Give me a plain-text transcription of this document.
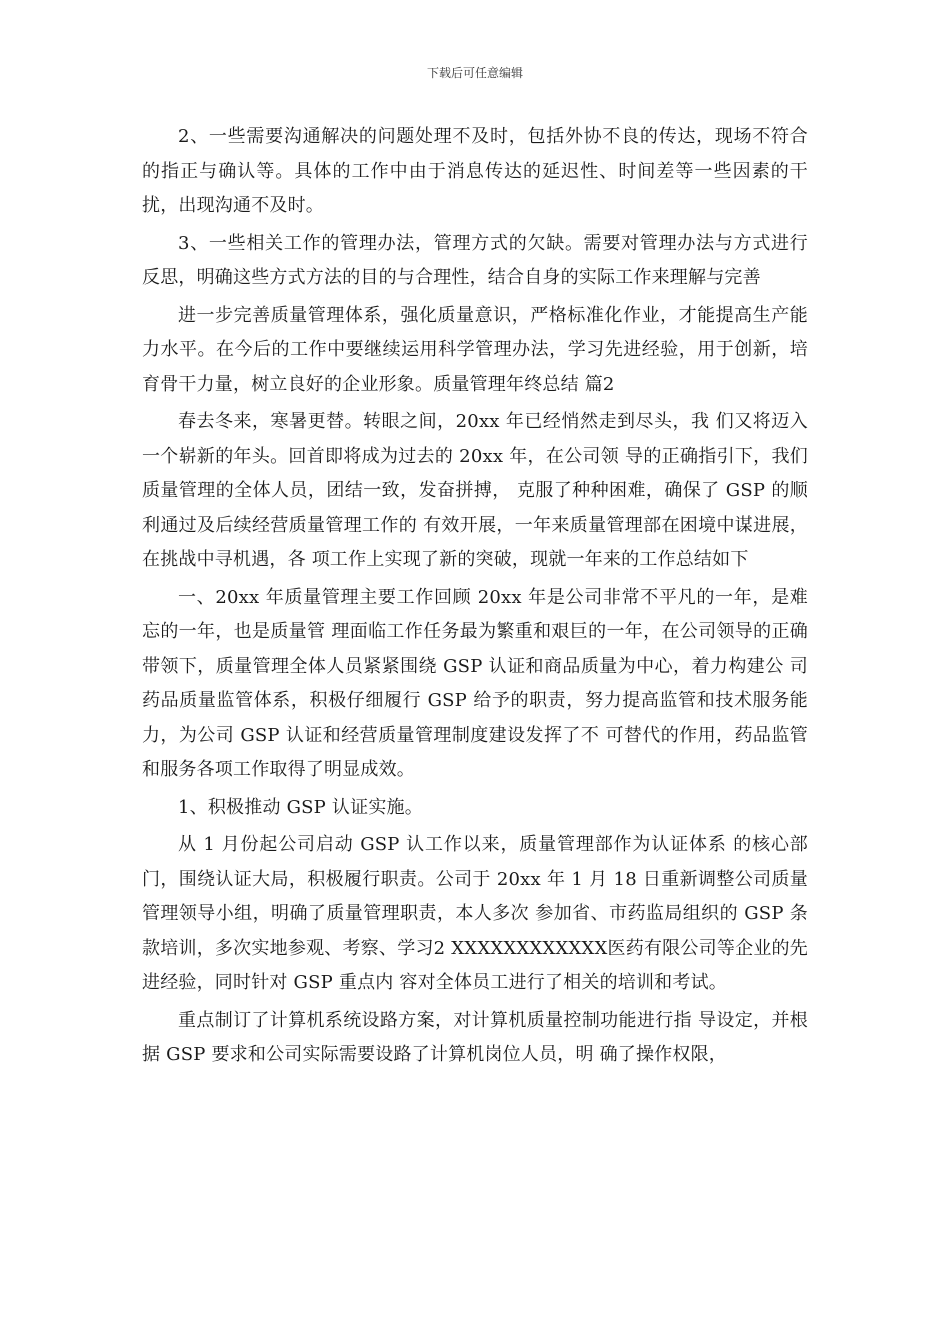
下载后可任意编辑

2、一些需要沟通解决的问题处理不及时，包括外协不良的传达，现场不符合的指正与确认等。具体的工作中由于消息传达的延迟性、时间差等一些因素的干扰，出现沟通不及时。

3、一些相关工作的管理办法，管理方式的欠缺。需要对管理办法与方式进行反思，明确这些方式方法的目的与合理性，结合自身的实际工作来理解与完善

进一步完善质量管理体系，强化质量意识，严格标准化作业，才能提高生产能力水平。在今后的工作中要继续运用科学管理办法，学习先进经验，用于创新，培育骨干力量，树立良好的企业形象。质量管理年终总结 篇2

春去冬来，寒暑更替。转眼之间，20xx 年已经悄然走到尽头，我 们又将迈入一个崭新的年头。回首即将成为过去的 20xx 年，在公司领 导的正确指引下，我们质量管理的全体人员，团结一致，发奋拼搏， 克服了种种困难，确保了 GSP 的顺利通过及后续经营质量管理工作的 有效开展，一年来质量管理部在困境中谋进展，在挑战中寻机遇，各 项工作上实现了新的突破，现就一年来的工作总结如下

一、20xx 年质量管理主要工作回顾 20xx 年是公司非常不平凡的一年，是难忘的一年，也是质量管 理面临工作任务最为繁重和艰巨的一年，在公司领导的正确带领下，质量管理全体人员紧紧围绕 GSP 认证和商品质量为中心，着力构建公 司药品质量监管体系，积极仔细履行 GSP 给予的职责，努力提高监管和技术服务能力，为公司 GSP 认证和经营质量管理制度建设发挥了不 可替代的作用，药品监管和服务各项工作取得了明显成效。

1、积极推动 GSP 认证实施。

从 1 月份起公司启动 GSP 认工作以来，质量管理部作为认证体系 的核心部门，围绕认证大局，积极履行职责。公司于 20xx 年 1 月 18 日重新调整公司质量管理领导小组，明确了质量管理职责，本人多次 参加省、市药监局组织的 GSP 条款培训，多次实地参观、考察、学习2 XXXXXXXXXXXX医药有限公司等企业的先进经验，同时针对 GSP 重点内 容对全体员工进行了相关的培训和考试。

重点制订了计算机系统设路方案，对计算机质量控制功能进行指 导设定，并根据 GSP 要求和公司实际需要设路了计算机岗位人员，明 确了操作权限，
